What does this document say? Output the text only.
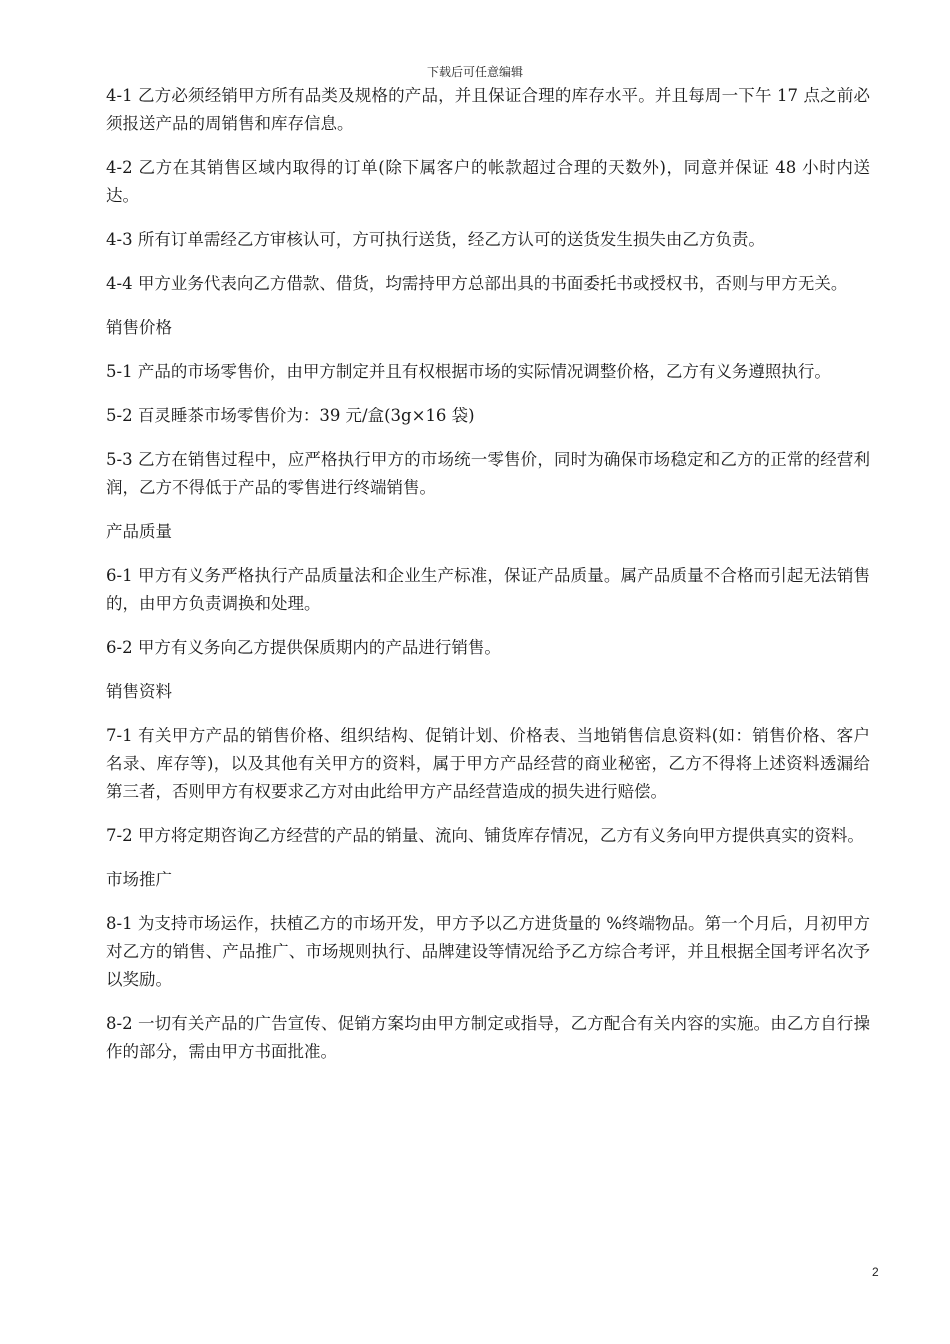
下载后可任意编辑

4-1 乙方必须经销甲方所有品类及规格的产品，并且保证合理的库存水平。并且每周一下午 17 点之前必须报送产品的周销售和库存信息。

4-2 乙方在其销售区域内取得的订单(除下属客户的帐款超过合理的天数外)，同意并保证 48 小时内送达。

4-3 所有订单需经乙方审核认可，方可执行送货，经乙方认可的送货发生损失由乙方负责。

4-4 甲方业务代表向乙方借款、借货，均需持甲方总部出具的书面委托书或授权书，否则与甲方无关。

销售价格

5-1 产品的市场零售价，由甲方制定并且有权根据市场的实际情况调整价格，乙方有义务遵照执行。

5-2 百灵睡茶市场零售价为：39 元/盒(3g×16 袋)

5-3 乙方在销售过程中，应严格执行甲方的市场统一零售价，同时为确保市场稳定和乙方的正常的经营利润，乙方不得低于产品的零售进行终端销售。

产品质量

6-1 甲方有义务严格执行产品质量法和企业生产标准，保证产品质量。属产品质量不合格而引起无法销售的，由甲方负责调换和处理。

6-2 甲方有义务向乙方提供保质期内的产品进行销售。

销售资料

7-1 有关甲方产品的销售价格、组织结构、促销计划、价格表、当地销售信息资料(如：销售价格、客户名录、库存等)，以及其他有关甲方的资料，属于甲方产品经营的商业秘密，乙方不得将上述资料透漏给第三者，否则甲方有权要求乙方对由此给甲方产品经营造成的损失进行赔偿。

7-2 甲方将定期咨询乙方经营的产品的销量、流向、铺货库存情况，乙方有义务向甲方提供真实的资料。

市场推广

8-1 为支持市场运作，扶植乙方的市场开发，甲方予以乙方进货量的 %终端物品。第一个月后，月初甲方对乙方的销售、产品推广、市场规则执行、品牌建设等情况给予乙方综合考评，并且根据全国考评名次予以奖励。

8-2 一切有关产品的广告宣传、促销方案均由甲方制定或指导，乙方配合有关内容的实施。由乙方自行操作的部分，需由甲方书面批准。

2
